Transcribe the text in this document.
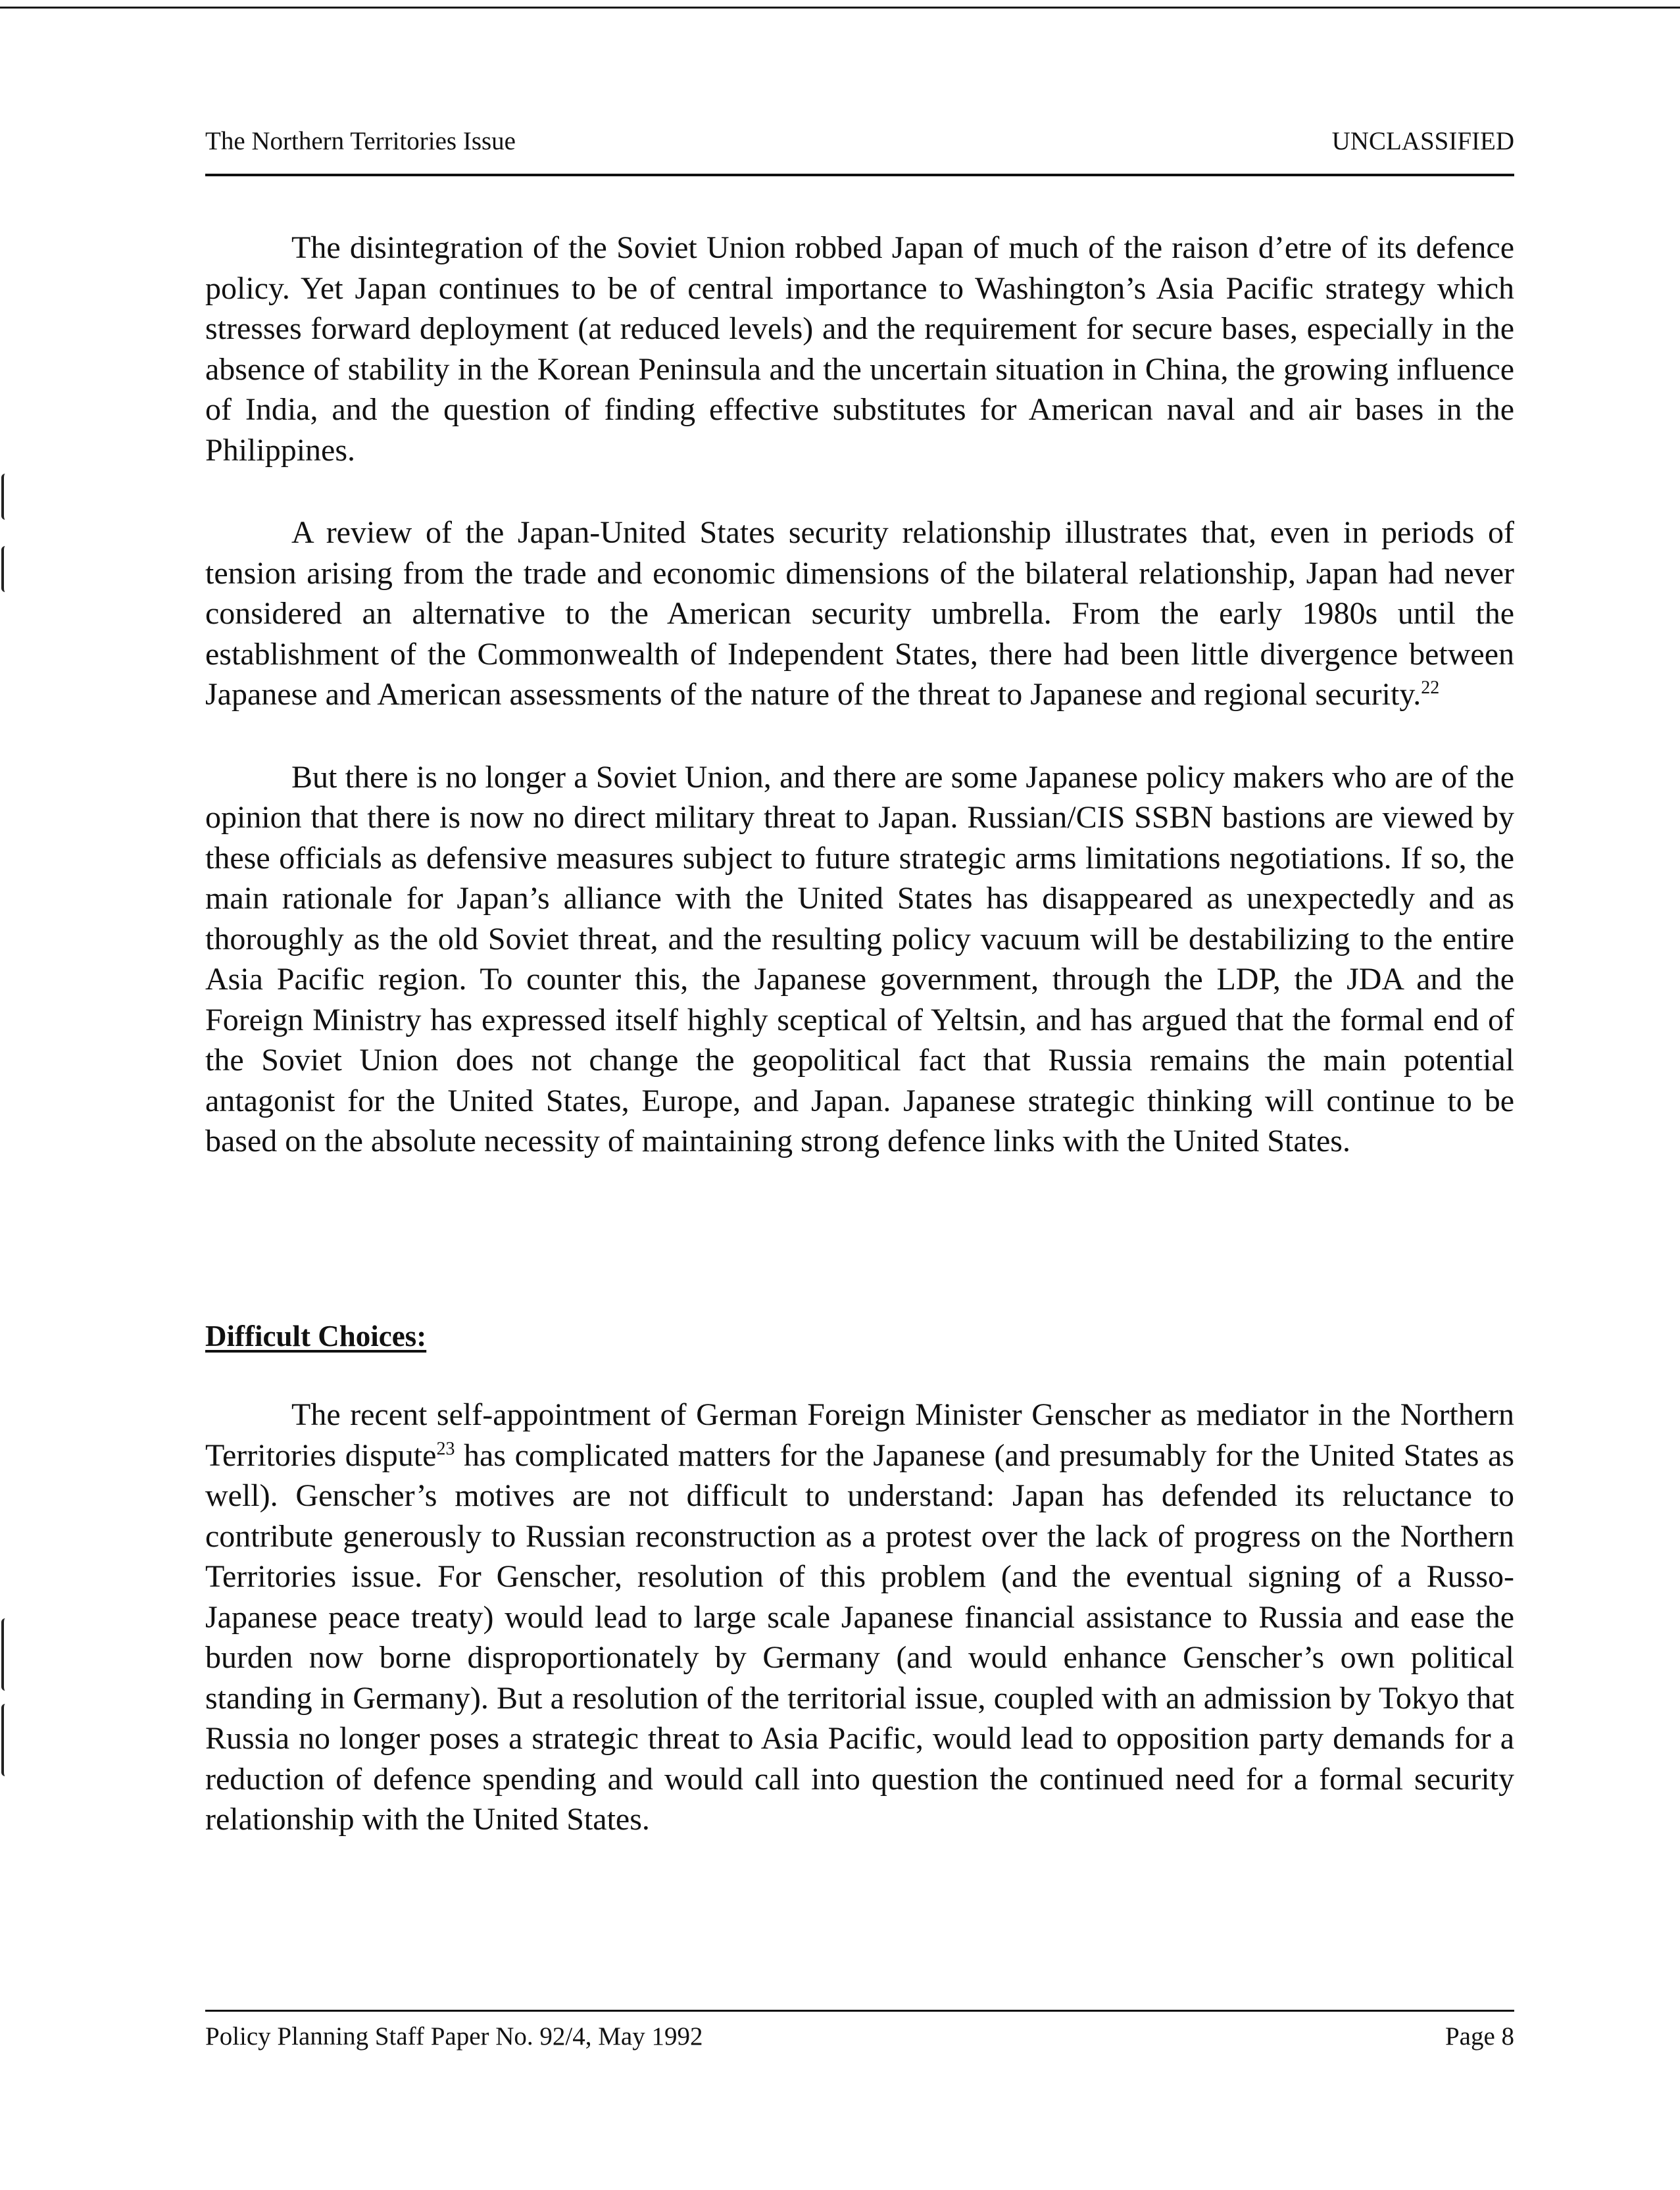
The Northern Territories Issue	UNCLASSIFIED

The disintegration of the Soviet Union robbed Japan of much of the raison d’etre of its defence policy. Yet Japan continues to be of central importance to Washington’s Asia Pacific strategy which stresses forward deployment (at reduced levels) and the requirement for secure bases, especially in the absence of stability in the Korean Peninsula and the uncertain situation in China, the growing influence of India, and the question of finding effective substitutes for American naval and air bases in the Philippines.

A review of the Japan-United States security relationship illustrates that, even in periods of tension arising from the trade and economic dimensions of the bilateral relationship, Japan had never considered an alternative to the American security umbrella. From the early 1980s until the establishment of the Commonwealth of Independent States, there had been little divergence between Japanese and American assessments of the nature of the threat to Japanese and regional security.$^{22}$

But there is no longer a Soviet Union, and there are some Japanese policy makers who are of the opinion that there is now no direct military threat to Japan. Russian/CIS SSBN bastions are viewed by these officials as defensive measures subject to future strategic arms limitations negotiations. If so, the main rationale for Japan’s alliance with the United States has disappeared as unexpectedly and as thoroughly as the old Soviet threat, and the resulting policy vacuum will be destabilizing to the entire Asia Pacific region. To counter this, the Japanese government, through the LDP, the JDA and the Foreign Ministry has expressed itself highly sceptical of Yeltsin, and has argued that the formal end of the Soviet Union does not change the geopolitical fact that Russia remains the main potential antagonist for the United States, Europe, and Japan. Japanese strategic thinking will continue to be based on the absolute necessity of maintaining strong defence links with the United States.

Difficult Choices:

The recent self-appointment of German Foreign Minister Genscher as mediator in the Northern Territories dispute$^{23}$ has complicated matters for the Japanese (and presumably for the United States as well). Genscher’s motives are not difficult to understand: Japan has defended its reluctance to contribute generously to Russian reconstruction as a protest over the lack of progress on the Northern Territories issue. For Genscher, resolution of this problem (and the eventual signing of a Russo-Japanese peace treaty) would lead to large scale Japanese financial assistance to Russia and ease the burden now borne disproportionately by Germany (and would enhance Genscher’s own political standing in Germany). But a resolution of the territorial issue, coupled with an admission by Tokyo that Russia no longer poses a strategic threat to Asia Pacific, would lead to opposition party demands for a reduction of defence spending and would call into question the continued need for a formal security relationship with the United States.

Policy Planning Staff Paper No. 92/4, May 1992	Page 8
